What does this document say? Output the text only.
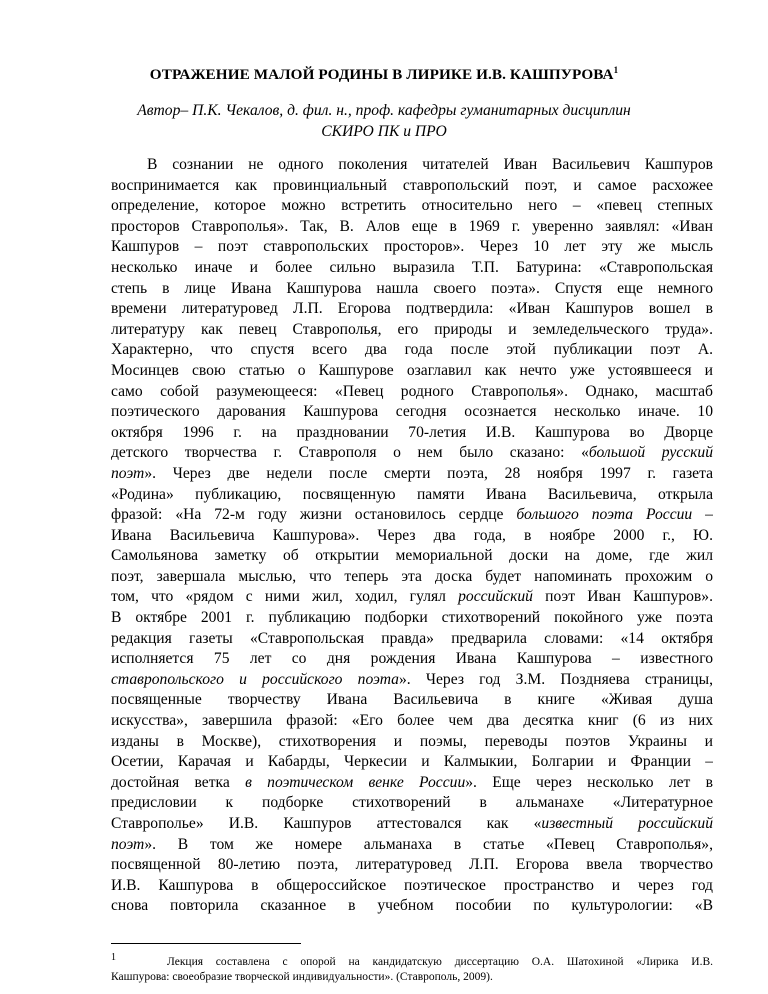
ОТРАЖЕНИЕ МАЛОЙ РОДИНЫ В ЛИРИКЕ И.В. КАШПУРОВА$^1$
Автор– П.К. Чекалов, д. фил. н., проф. кафедры гуманитарных дисциплин
СКИРО ПК и ПРО
В сознании не одного поколения читателей Иван Васильевич Кашпуров
воспринимается как провинциальный ставропольский поэт, и самое расхожее
определение, которое можно встретить относительно него – «певец степных
просторов Ставрополья». Так, В. Алов еще в 1969 г. уверенно заявлял: «Иван
Кашпуров – поэт ставропольских просторов». Через 10 лет эту же мысль
несколько иначе и более сильно выразила Т.П. Батурина: «Ставропольская
степь в лице Ивана Кашпурова нашла своего поэта». Спустя еще немного
времени литературовед Л.П. Егорова подтвердила: «Иван Кашпуров вошел в
литературу как певец Ставрополья, его природы и земледельческого труда».
Характерно, что спустя всего два года после этой публикации поэт А.
Мосинцев свою статью о Кашпурове озаглавил как нечто уже устоявшееся и
само собой разумеющееся: «Певец родного Ставрополья». Однако, масштаб
поэтического дарования Кашпурова сегодня осознается несколько иначе. 10
октября 1996 г. на праздновании 70-летия И.В. Кашпурова во Дворце
детского творчества г. Ставрополя о нем было сказано: «большой русский
поэт». Через две недели после смерти поэта, 28 ноября 1997 г. газета
«Родина» публикацию, посвященную памяти Ивана Васильевича, открыла
фразой: «На 72-м году жизни остановилось сердце большого поэта России –
Ивана Васильевича Кашпурова». Через два года, в ноябре 2000 г., Ю.
Самольянова заметку об открытии мемориальной доски на доме, где жил
поэт, завершала мыслью, что теперь эта доска будет напоминать прохожим о
том, что «рядом с ними жил, ходил, гулял российский поэт Иван Кашпуров».
В октябре 2001 г. публикацию подборки стихотворений покойного уже поэта
редакция газеты «Ставропольская правда» предварила словами: «14 октября
исполняется 75 лет со дня рождения Ивана Кашпурова – известного
ставропольского и российского поэта». Через год З.М. Поздняева страницы,
посвященные творчеству Ивана Васильевича в книге «Живая душа
искусства», завершила фразой: «Его более чем два десятка книг (6 из них
изданы в Москве), стихотворения и поэмы, переводы поэтов Украины и
Осетии, Карачая и Кабарды, Черкесии и Калмыкии, Болгарии и Франции –
достойная ветка в поэтическом венке России». Еще через несколько лет в
предисловии к подборке стихотворений в альманахе «Литературное
Ставрополье» И.В. Кашпуров аттестовался как «известный российский
поэт». В том же номере альманаха в статье «Певец Ставрополья»,
посвященной 80-летию поэта, литературовед Л.П. Егорова ввела творчество
И.В. Кашпурова в общероссийское поэтическое пространство и через год
снова повторила сказанное в учебном пособии по культурологии: «В
1	Лекция составлена с опорой на кандидатскую диссертацию О.А. Шатохиной «Лирика И.В.
Кашпурова: своеобразие творческой индивидуальности». (Ставрополь, 2009).
